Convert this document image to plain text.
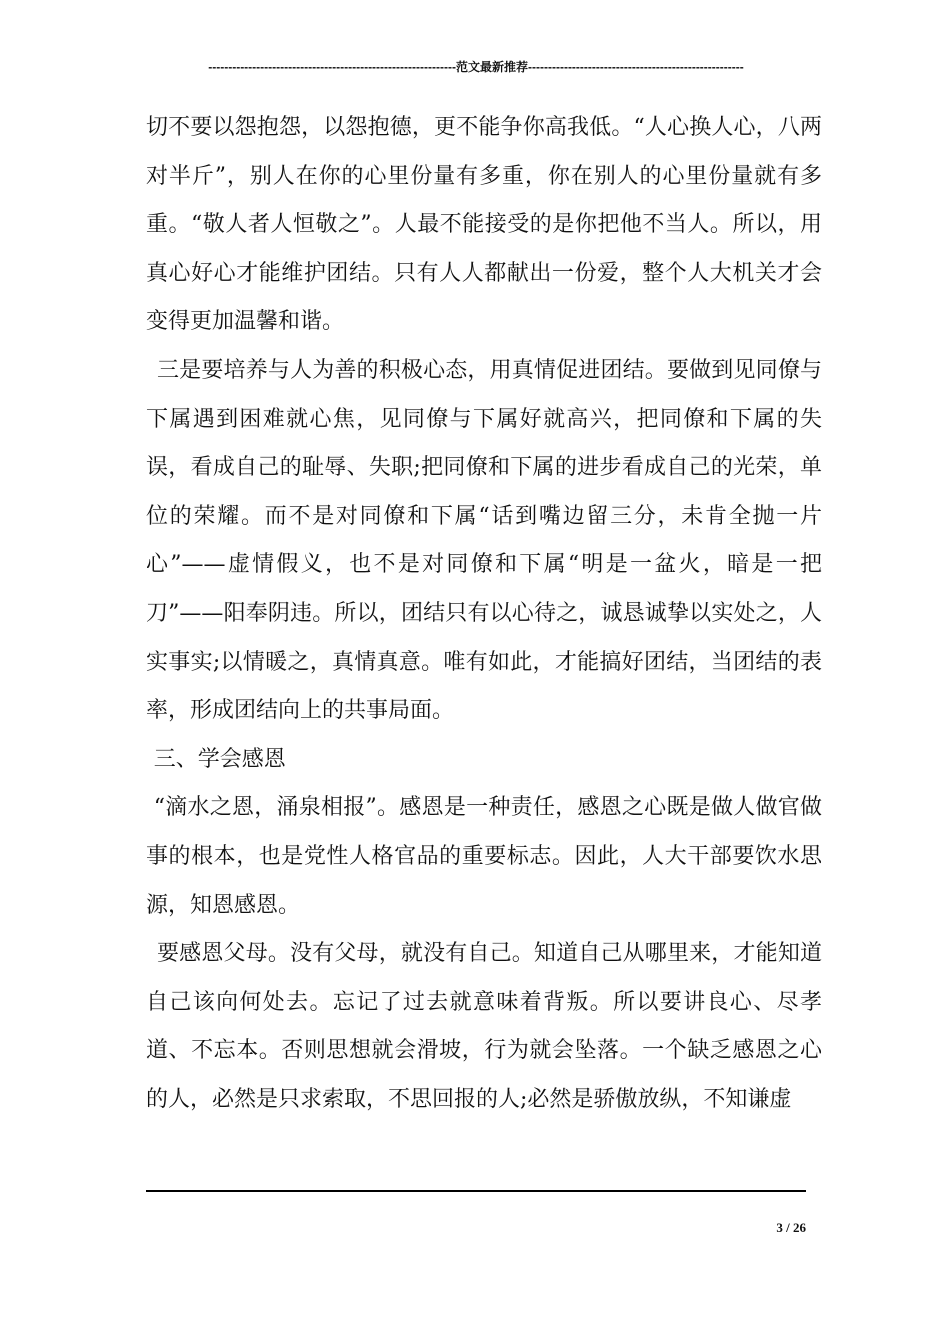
--------------------------------------------------------------范文最新推荐------------------------------------------------------

切不要以怨抱怨，以怨抱德，更不能争你高我低。“人心换人心，八两对半斤”，别人在你的心里份量有多重，你在别人的心里份量就有多重。“敬人者人恒敬之”。人最不能接受的是你把他不当人。所以，用真心好心才能维护团结。只有人人都献出一份爱，整个人大机关才会变得更加温馨和谐。

三是要培养与人为善的积极心态，用真情促进团结。要做到见同僚与下属遇到困难就心焦，见同僚与下属好就高兴，把同僚和下属的失误，看成自己的耻辱、失职;把同僚和下属的进步看成自己的光荣，单位的荣耀。而不是对同僚和下属“话到嘴边留三分，未肯全抛一片心”——虚情假义，也不是对同僚和下属“明是一盆火，暗是一把刀”——阳奉阴违。所以，团结只有以心待之，诚恳诚挚以实处之，人实事实;以情暖之，真情真意。唯有如此，才能搞好团结，当团结的表率，形成团结向上的共事局面。

三、学会感恩

“滴水之恩，涌泉相报”。感恩是一种责任，感恩之心既是做人做官做事的根本，也是党性人格官品的重要标志。因此，人大干部要饮水思源，知恩感恩。

要感恩父母。没有父母，就没有自己。知道自己从哪里来，才能知道自己该向何处去。忘记了过去就意味着背叛。所以要讲良心、尽孝道、不忘本。否则思想就会滑坡，行为就会坠落。一个缺乏感恩之心的人，必然是只求索取，不思回报的人;必然是骄傲放纵，不知谦虚

3 / 26
